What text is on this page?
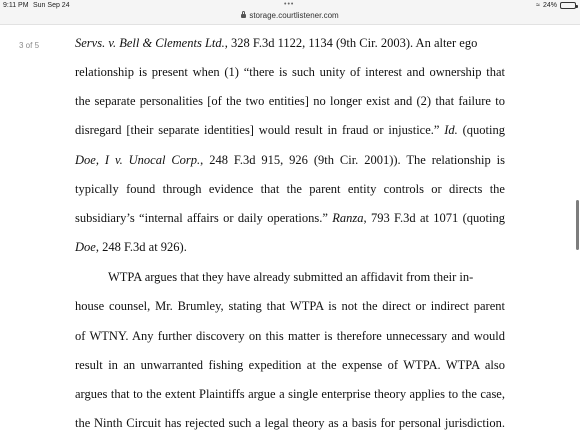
9:11 PM Sun Sep 24	•••
storage.courtlistener.com
≈ 24%
3 of 5	Servs. v. Bell & Clements Ltd., 328 F.3d 1122, 1134 (9th Cir. 2003). An alter ego
relationship is present when (1) “there is such unity of interest and ownership that
the separate personalities [of the two entities] no longer exist and (2) that failure to
disregard [their separate identities] would result in fraud or injustice.” Id. (quoting
Doe, I v. Unocal Corp., 248 F.3d 915, 926 (9th Cir. 2001)). The relationship is
typically found through evidence that the parent entity controls or directs the
subsidiary’s “internal affairs or daily operations.” Ranza, 793 F.3d at 1071 (quoting
Doe, 248 F.3d at 926).
WTPA argues that they have already submitted an affidavit from their in-
house counsel, Mr. Brumley, stating that WTPA is not the direct or indirect parent
of WTNY. Any further discovery on this matter is therefore unnecessary and would
result in an unwarranted fishing expedition at the expense of WTPA. WTPA also
argues that to the extent Plaintiffs argue a single enterprise theory applies to the case,
the Ninth Circuit has rejected such a legal theory as a basis for personal jurisdiction.
